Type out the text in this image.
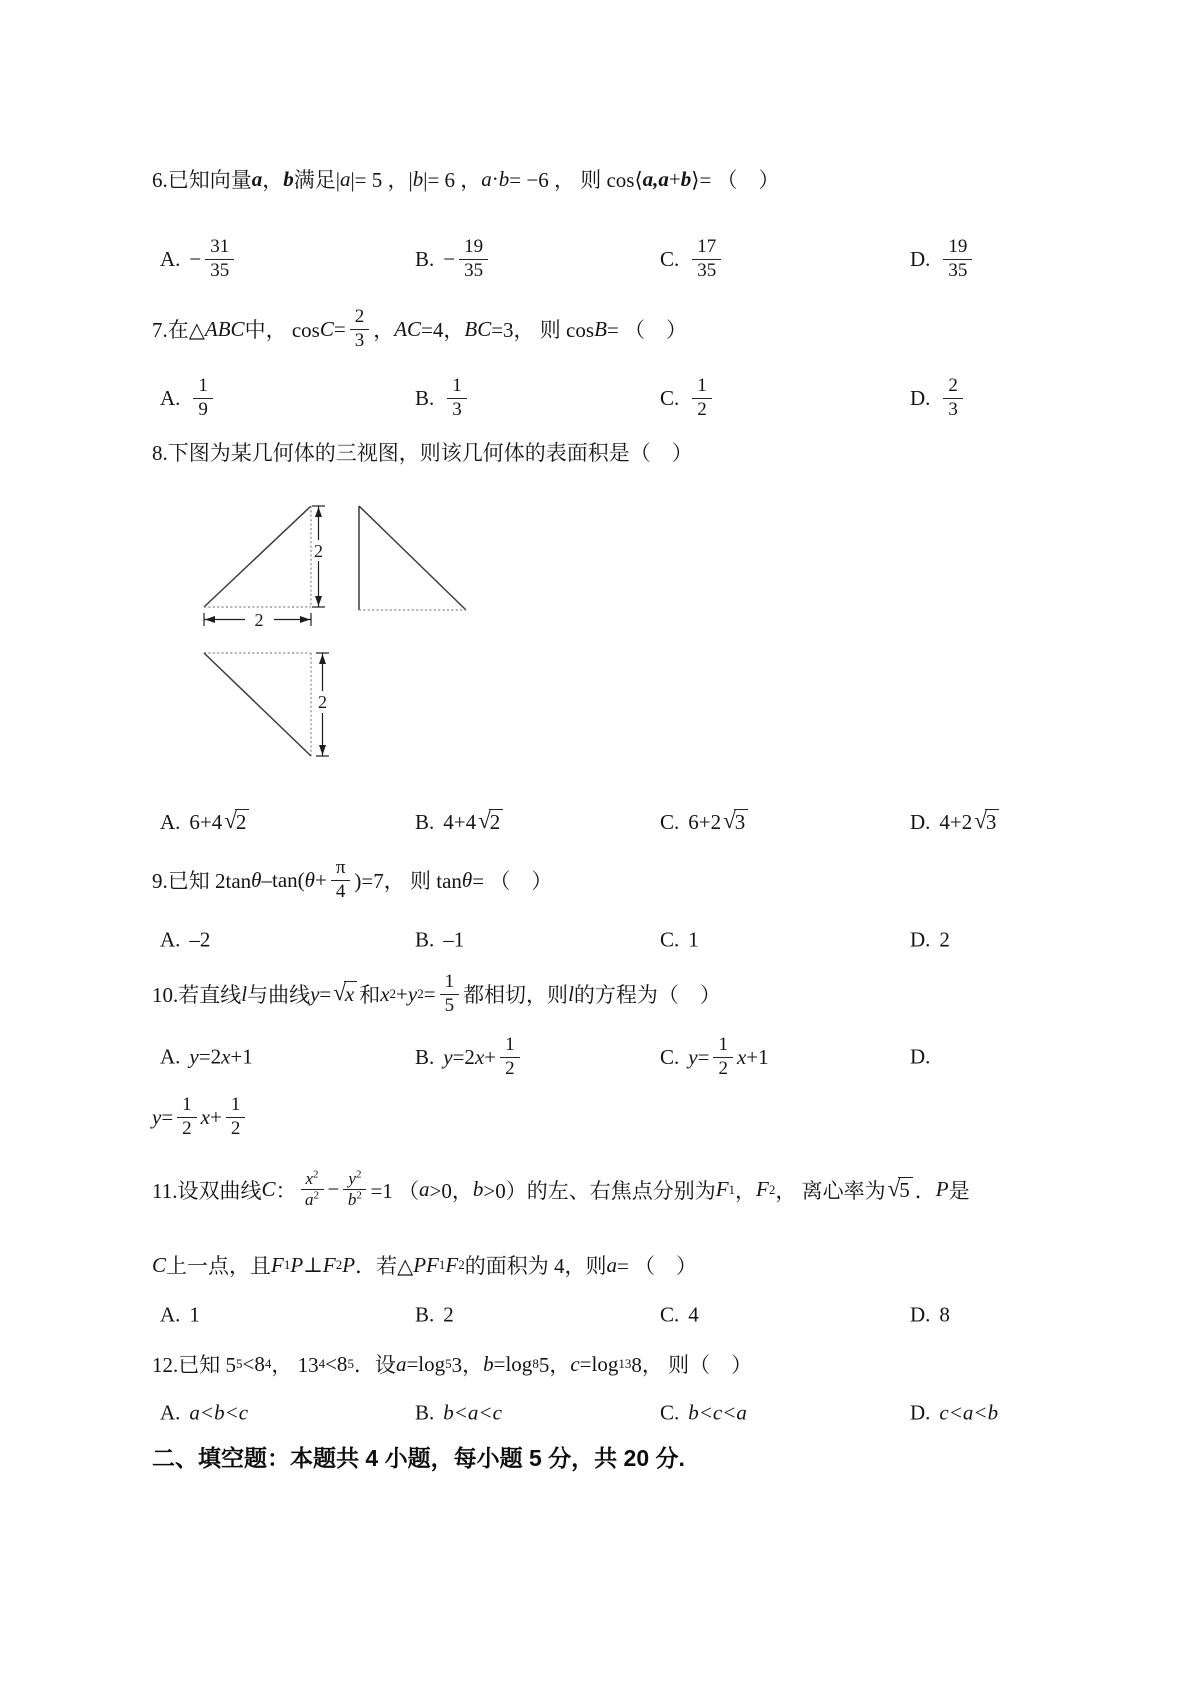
6.已知向量 a ， b 满足| a |= 5 ，| b |= 6 ， a · b = −6 ， 则 cos⟨ a , a + b ⟩= （　）
A. − $\frac{31}{35}$	B. − $\frac{19}{35}$	C. $\frac{17}{35}$	D. $\frac{19}{35}$
7.在△ ABC 中， $\cos C = \frac{2}{3}$ ， AC =4， BC =3， 则 cos B = （　）
A. $\frac{1}{9}$	B. $\frac{1}{3}$	C. $\frac{1}{2}$	D. $\frac{2}{3}$
8.下图为某几何体的三视图，则该几何体的表面积是（　）
2
2
2
A. 6+4 √ 2	B. 4+4 √ 2	C. 6+2 √ 3	D. 4+2 √ 3
9.已知 2tan θ –tan( $\theta + \frac{\pi}{4} )=7$， 则 tan θ = （　）
A. –2	B. –1	C. 1	D. 2
10.若直线 l 与曲线 y = √ x 和 x 2 + y $2 = \frac{1}{5}$ 都相切，则 l 的方程为（　）
A. y=2x+1	B. y =2 $x + \frac{1}{2}$	C. $y = \frac{1}{2}$ x +1	D.
$y = \frac{1}{2}$ $x + \frac{1}{2}$
11.设双曲线 C ： $\frac{x^2}{a^2} - \frac{y^2}{b^2} =1$ （ a >0， b >0）的左、右焦点分别为 F 1 ， F 2 ， 离心率为 √ 5 ． P 是
C 上一点，且 F 1 P ⊥ F 2 P ．若△ PF 1 F 2 的面积为 4，则 a = （　）
A. 1	B. 2	C. 4	D. 8
12.已知 5 5 <8 4 ， 13 4 <8 5 ．设 a =log 5 3， b =log 8 5， c =log 13 8， 则（　）
A. a<b<c	B. b<a<c	C. b<c<a	D. c<a<b
二、填空题：本题共 4 小题，每小题 5 分，共 20 分.
